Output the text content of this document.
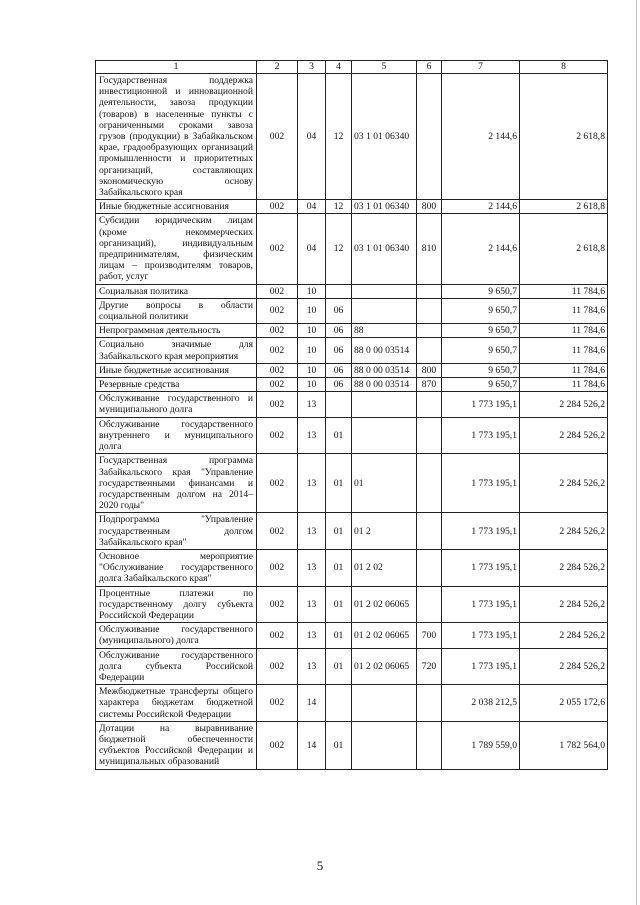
1	2	3	4	5	6	7	8
Государственная поддержка инвестиционной и инновационной деятельности, завоза продукции (товаров) в населенные пункты с ограниченными сроками завоза грузов (продукции) в Забайкальском крае, градообразующих организаций промышленности и приоритетных организаций, составляющих экономическую основу Забайкальского края	002	04	12	03 1 01 06340		2 144,6	2 618,8
Иные бюджетные ассигнования	002	04	12	03 1 01 06340	800	2 144,6	2 618,8
Субсидии юридическим лицам (кроме некоммерческих организаций), индивидуальным предпринимателям, физическим лицам – производителям товаров, работ, услуг	002	04	12	03 1 01 06340	810	2 144,6	2 618,8
Социальная политика	002	10				9 650,7	11 784,6
Другие вопросы в области социальной политики	002	10	06			9 650,7	11 784,6
Непрограммная деятельность	002	10	06	88		9 650,7	11 784,6
Социально значимые для Забайкальского края мероприятия	002	10	06	88 0 00 03514		9 650,7	11 784,6
Иные бюджетные ассигнования	002	10	06	88 0 00 03514	800	9 650,7	11 784,6
Резервные средства	002	10	06	88 0 00 03514	870	9 650,7	11 784,6
Обслуживание государственного и муниципального долга	002	13				1 773 195,1	2 284 526,2
Обслуживание государственного внутреннего и муниципального долга	002	13	01			1 773 195,1	2 284 526,2
Государственная программа Забайкальского края "Управление государственными финансами и государственным долгом на 2014–2020 годы"	002	13	01	01		1 773 195,1	2 284 526,2
Подпрограмма "Управление государственным долгом Забайкальского края"	002	13	01	01 2		1 773 195,1	2 284 526,2
Основное мероприятие "Обслуживание государственного долга Забайкальского края"	002	13	01	01 2 02		1 773 195,1	2 284 526,2
Процентные платежи по государственному долгу субъекта Российской Федерации	002	13	01	01 2 02 06065		1 773 195,1	2 284 526,2
Обслуживание государственного (муниципального) долга	002	13	01	01 2 02 06065	700	1 773 195,1	2 284 526,2
Обслуживание государственного долга субъекта Российской Федерации	002	13	01	01 2 02 06065	720	1 773 195,1	2 284 526,2
Межбюджетные трансферты общего характера бюджетам бюджетной системы Российской Федерации	002	14				2 038 212,5	2 055 172,6
Дотации на выравнивание бюджетной обеспеченности субъектов Российской Федерации и муниципальных образований	002	14	01			1 789 559,0	1 782 564,0
5
